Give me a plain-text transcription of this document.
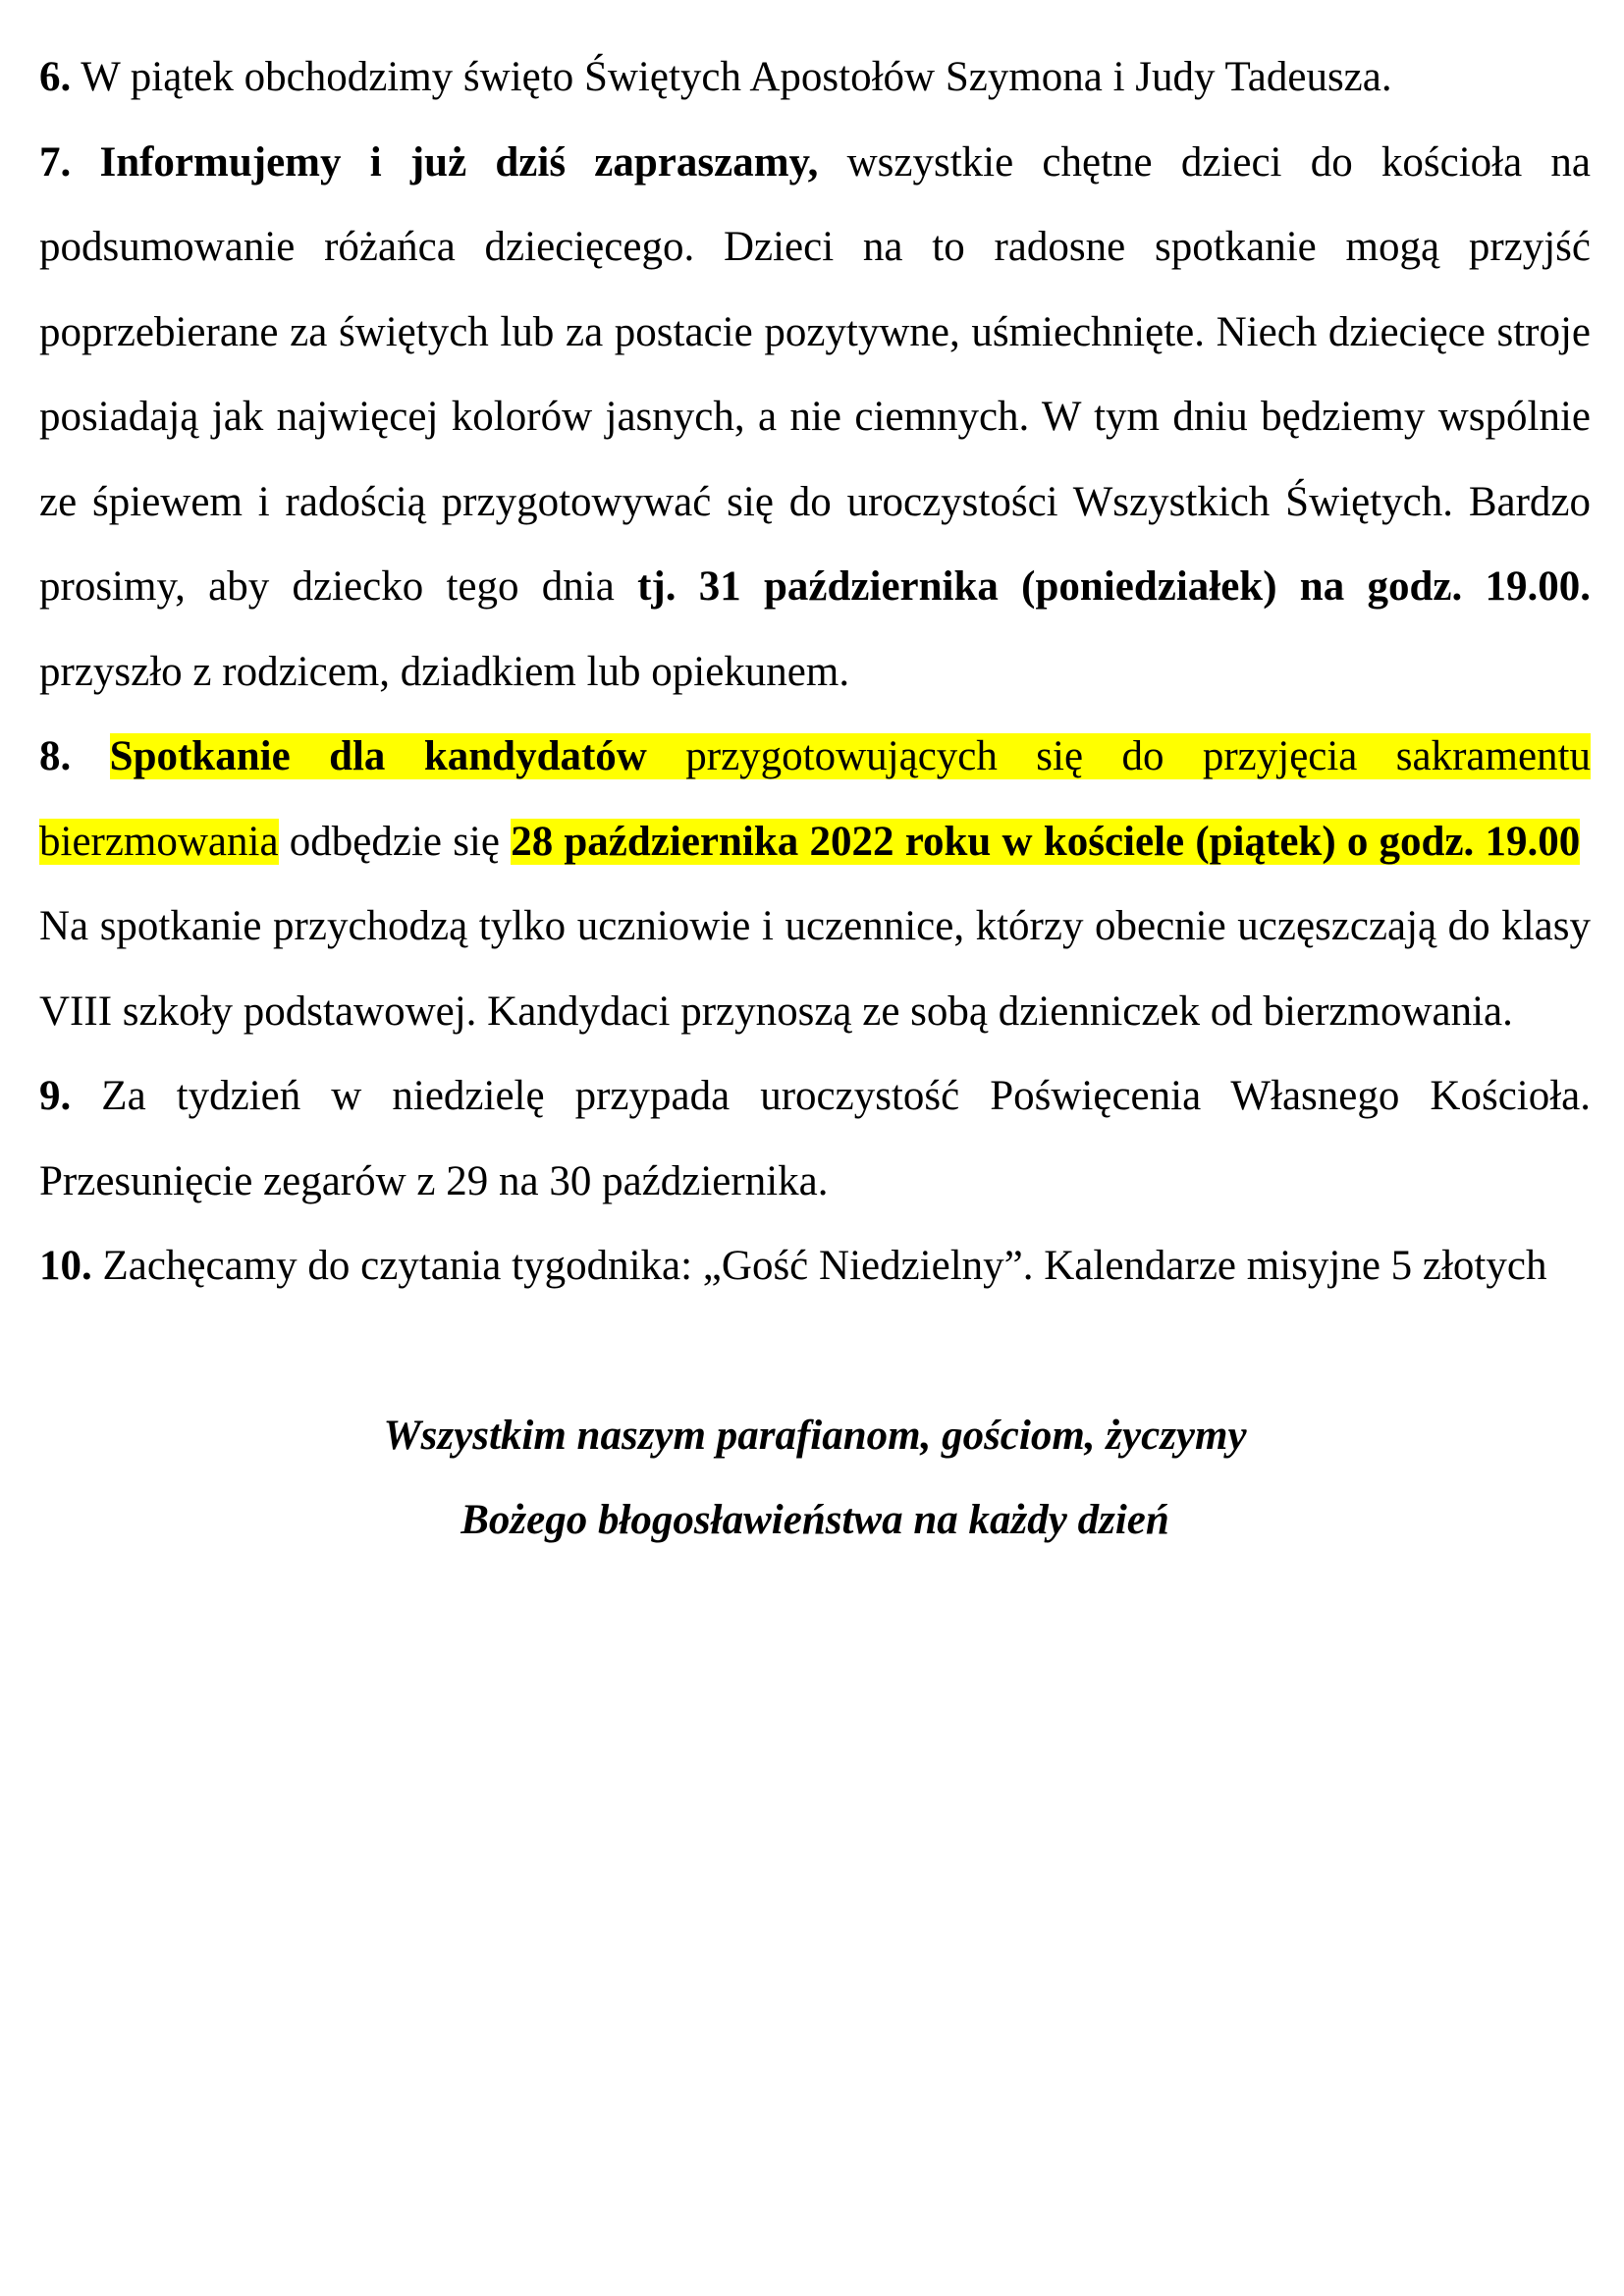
6. W piątek obchodzimy święto Świętych Apostołów Szymona i Judy Tadeusza.

7. Informujemy i już dziś zapraszamy, wszystkie chętne dzieci do kościoła na podsumowanie różańca dziecięcego. Dzieci na to radosne spotkanie mogą przyjść poprzebierane za świętych lub za postacie pozytywne, uśmiechnięte. Niech dziecięce stroje posiadają jak najwięcej kolorów jasnych, a nie ciemnych. W tym dniu będziemy wspólnie ze śpiewem i radością przygotowywać się do uroczystości Wszystkich Świętych. Bardzo prosimy, aby dziecko tego dnia tj. 31 października (poniedziałek) na godz. 19.00. przyszło z rodzicem, dziadkiem lub opiekunem.

8. Spotkanie dla kandydatów przygotowujących się do przyjęcia sakramentu bierzmowania odbędzie się 28 października 2022 roku w kościele (piątek) o godz. 19.00  Na spotkanie przychodzą tylko uczniowie i uczennice, którzy obecnie uczęszczają do klasy VIII szkoły podstawowej. Kandydaci przynoszą ze sobą dzienniczek od bierzmowania.

9. Za tydzień w niedzielę przypada uroczystość Poświęcenia Własnego Kościoła. Przesunięcie zegarów z 29 na 30 października.

10. Zachęcamy do czytania tygodnika: „Gość Niedzielny”. Kalendarze misyjne 5 złotych

Wszystkim naszym parafianom, gościom, życzymy
Bożego błogosławieństwa na każdy dzień
